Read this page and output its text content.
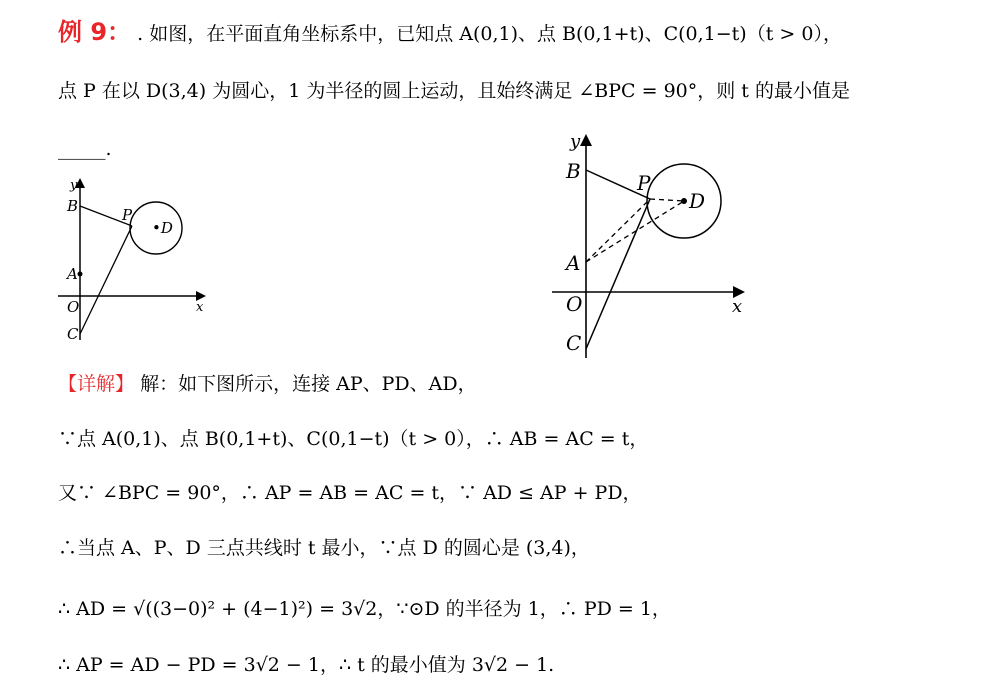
例 9： . 如图，在平面直角坐标系中，已知点 A(0,1)、点 B(0,1+t)、C(0,1−t)（t > 0），
点 P 在以 D(3,4) 为圆心，1 为半径的圆上运动，且始终满足 ∠BPC = 90°，则 t 的最小值是
_____.
y
x
O
B
A
C
P
•D
y
x
O
B
A
C
P
D
【详解】 解：如下图所示，连接 AP、PD、AD，
∵点 A(0,1)、点 B(0,1+t)、C(0,1−t)（t > 0），∴ AB = AC = t，
又∵ ∠BPC = 90°，∴ AP = AB = AC = t，∵ AD ≤ AP + PD，
∴当点 A、P、D 三点共线时 t 最小，∵点 D 的圆心是 (3,4)，
∴ AD = √((3−0)² + (4−1)²) = 3√2，∵⊙D 的半径为 1，∴ PD = 1，
∴ AP = AD − PD = 3√2 − 1，∴ t 的最小值为 3√2 − 1.
